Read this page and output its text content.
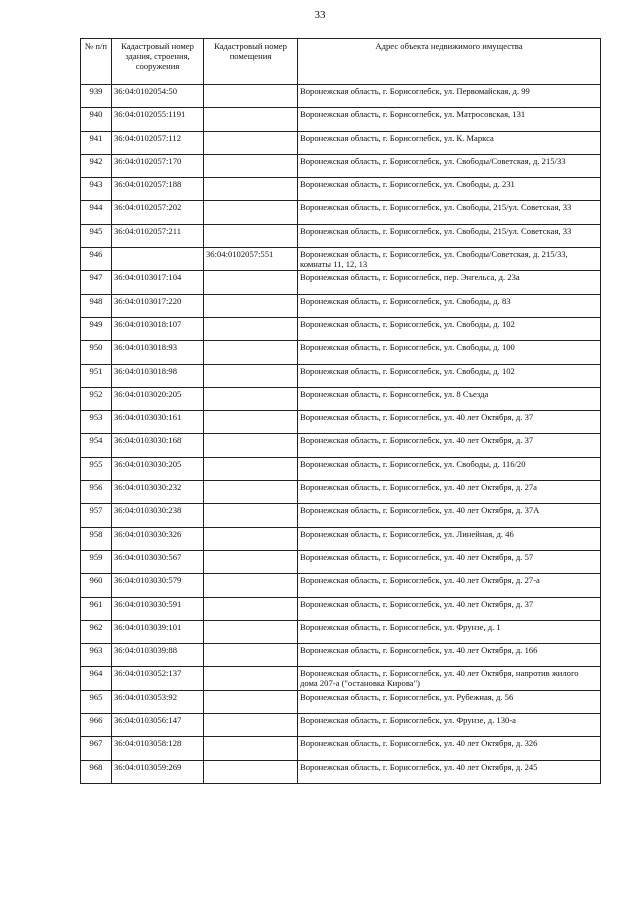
33
№ п/п	Кадастровый номер здания, строения, сооружения	Кадастровый номер помещения	Адрес объекта недвижимого имущества
939	36:04:0102054:50		Воронежская область, г. Борисоглебск, ул. Первомайская, д. 99
940	36:04:0102055:1191		Воронежская область, г. Борисоглебск, ул. Матросовская, 131
941	36:04:0102057:112		Воронежская область, г. Борисоглебск, ул. К. Маркса
942	36:04:0102057:170		Воронежская область, г. Борисоглебск, ул. Свободы/Советская, д. 215/33
943	36:04:0102057:188		Воронежская область, г. Борисоглебск, ул. Свободы, д. 231
944	36:04:0102057:202		Воронежская область, г. Борисоглебск, ул. Свободы, 215/ул. Советская, 33
945	36:04:0102057:211		Воронежская область, г. Борисоглебск, ул. Свободы, 215/ул. Советская, 33
946		36:04:0102057:551	Воронежская область, г. Борисоглебск, ул. Свободы/Советская, д. 215/33, комнаты 11, 12, 13
947	36:04:0103017:104		Воронежская область, г. Борисоглебск, пер. Энгельса, д. 23а
948	36:04:0103017:220		Воронежская область, г. Борисоглебск, ул. Свободы, д. 83
949	36:04:0103018:107		Воронежская область, г. Борисоглебск, ул. Свободы, д. 102
950	36:04:0103018:93		Воронежская область, г. Борисоглебск, ул. Свободы, д. 100
951	36:04:0103018:98		Воронежская область, г. Борисоглебск, ул. Свободы, д. 102
952	36:04:0103020:205		Воронежская область, г. Борисоглебск, ул. 8 Съезда
953	36:04:0103030:161		Воронежская область, г. Борисоглебск, ул. 40 лет Октября, д. 37
954	36:04:0103030:168		Воронежская область, г. Борисоглебск, ул. 40 лет Октября, д. 37
955	36:04:0103030:205		Воронежская область, г. Борисоглебск, ул. Свободы, д. 116/20
956	36:04:0103030:232		Воронежская область, г. Борисоглебск, ул. 40 лет Октября, д. 27а
957	36:04:0103030:238		Воронежская область, г. Борисоглебск, ул. 40 лет Октября, д. 37А
958	36:04:0103030:326		Воронежская область, г. Борисоглебск, ул. Линейная, д. 46
959	36:04:0103030:567		Воронежская область, г. Борисоглебск, ул. 40 лет Октября, д. 57
960	36:04:0103030:579		Воронежская область, г. Борисоглебск, ул. 40 лет Октября, д. 27-а
961	36:04:0103030:591		Воронежская область, г. Борисоглебск, ул. 40 лет Октября, д. 37
962	36:04:0103039:101		Воронежская область, г. Борисоглебск, ул. Фрунзе, д. 1
963	36:04:0103039:88		Воронежская область, г. Борисоглебск, ул. 40 лет Октября, д. 166
964	36:04:0103052:137		Воронежская область, г. Борисоглебск, ул. 40 лет Октября, напротив жилого дома 207-а ("остановка Кирова")
965	36:04:0103053:92		Воронежская область, г. Борисоглебск, ул. Рубежная, д. 56
966	36:04:0103056:147		Воронежская область, г. Борисоглебск, ул. Фрунзе, д. 130-а
967	36:04:0103058:128		Воронежская область, г. Борисоглебск, ул. 40 лет Октября, д. 326
968	36:04:0103059:269		Воронежская область, г. Борисоглебск, ул. 40 лет Октября, д. 245
